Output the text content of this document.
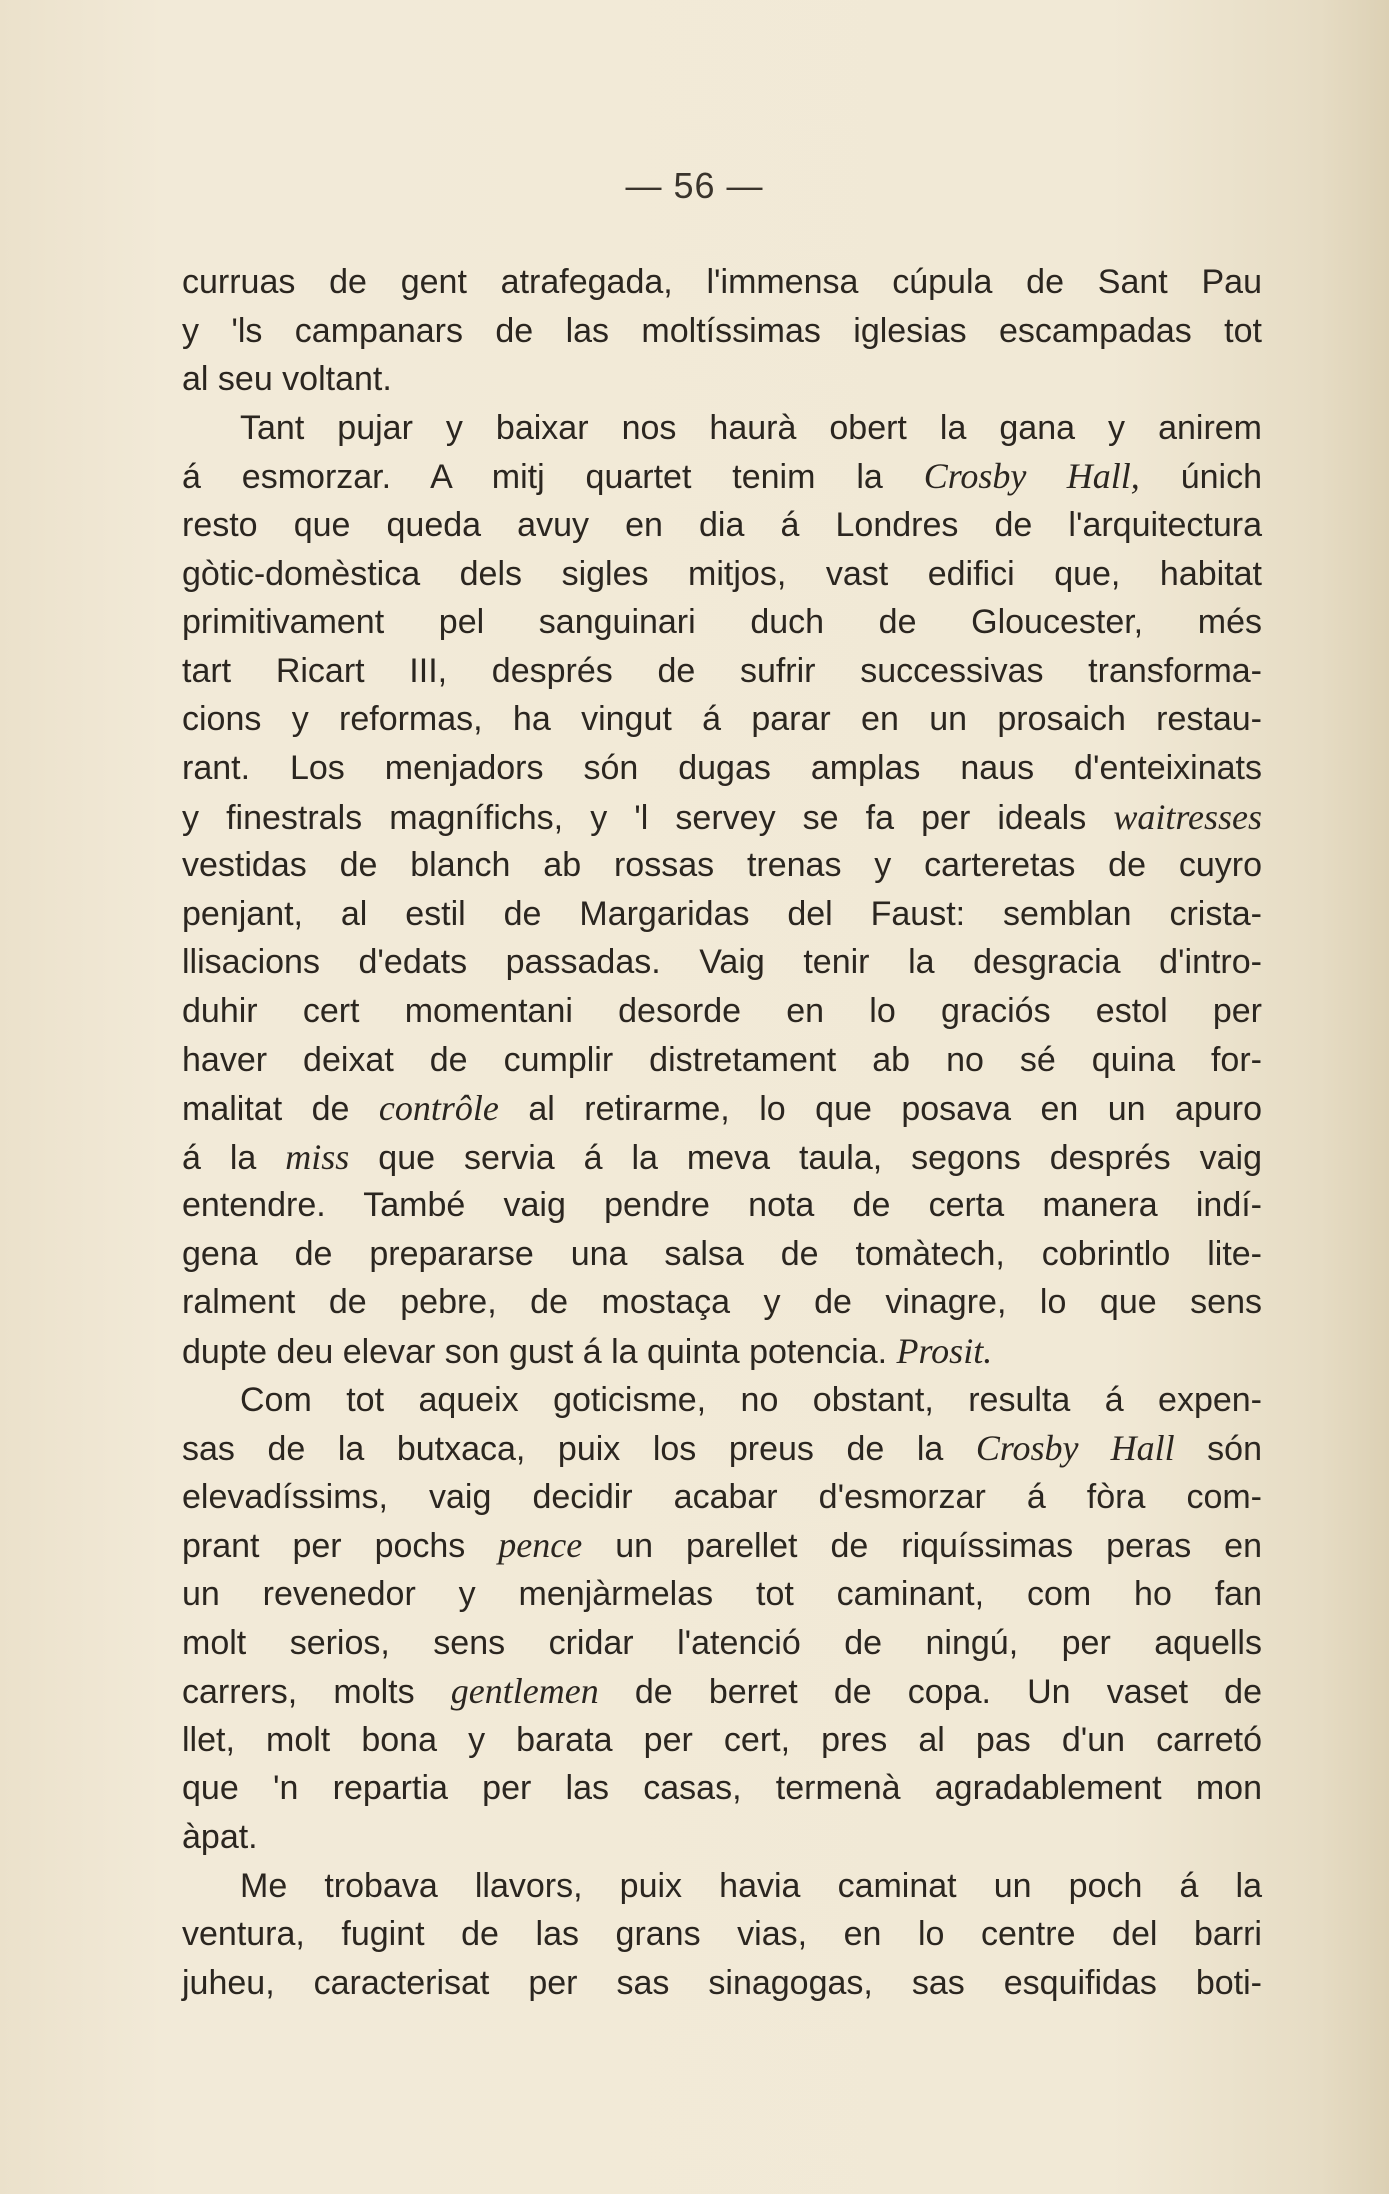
— 56 —
curruas de gent atrafegada, l'immensa cúpula de Sant Pau
y 'ls campanars de las moltíssimas iglesias escampadas tot
al seu voltant.
Tant pujar y baixar nos haurà obert la gana y anirem
á esmorzar. A mitj quartet tenim la Crosby Hall, únich
resto que queda avuy en dia á Londres de l'arquitectura
gòtic-domèstica dels sigles mitjos, vast edifici que, habitat
primitivament pel sanguinari duch de Gloucester, més
tart Ricart III, després de sufrir successivas transforma-
cions y reformas, ha vingut á parar en un prosaich restau-
rant. Los menjadors són dugas amplas naus d'enteixinats
y finestrals magnífichs, y 'l servey se fa per ideals waitresses
vestidas de blanch ab rossas trenas y carteretas de cuyro
penjant, al estil de Margaridas del Faust: semblan crista-
llisacions d'edats passadas. Vaig tenir la desgracia d'intro-
duhir cert momentani desorde en lo graciós estol per
haver deixat de cumplir distretament ab no sé quina for-
malitat de contrôle al retirarme, lo que posava en un apuro
á la miss que servia á la meva taula, segons després vaig
entendre. També vaig pendre nota de certa manera indí-
gena de prepararse una salsa de tomàtech, cobrintlo lite-
ralment de pebre, de mostaça y de vinagre, lo que sens
dupte deu elevar son gust á la quinta potencia. Prosit.
Com tot aqueix goticisme, no obstant, resulta á expen-
sas de la butxaca, puix los preus de la Crosby Hall són
elevadíssims, vaig decidir acabar d'esmorzar á fòra com-
prant per pochs pence un parellet de riquíssimas peras en
un revenedor y menjàrmelas tot caminant, com ho fan
molt serios, sens cridar l'atenció de ningú, per aquells
carrers, molts gentlemen de berret de copa. Un vaset de
llet, molt bona y barata per cert, pres al pas d'un carretó
que 'n repartia per las casas, termenà agradablement mon
àpat.
Me trobava llavors, puix havia caminat un poch á la
ventura, fugint de las grans vias, en lo centre del barri
juheu, caracterisat per sas sinagogas, sas esquifidas boti-
